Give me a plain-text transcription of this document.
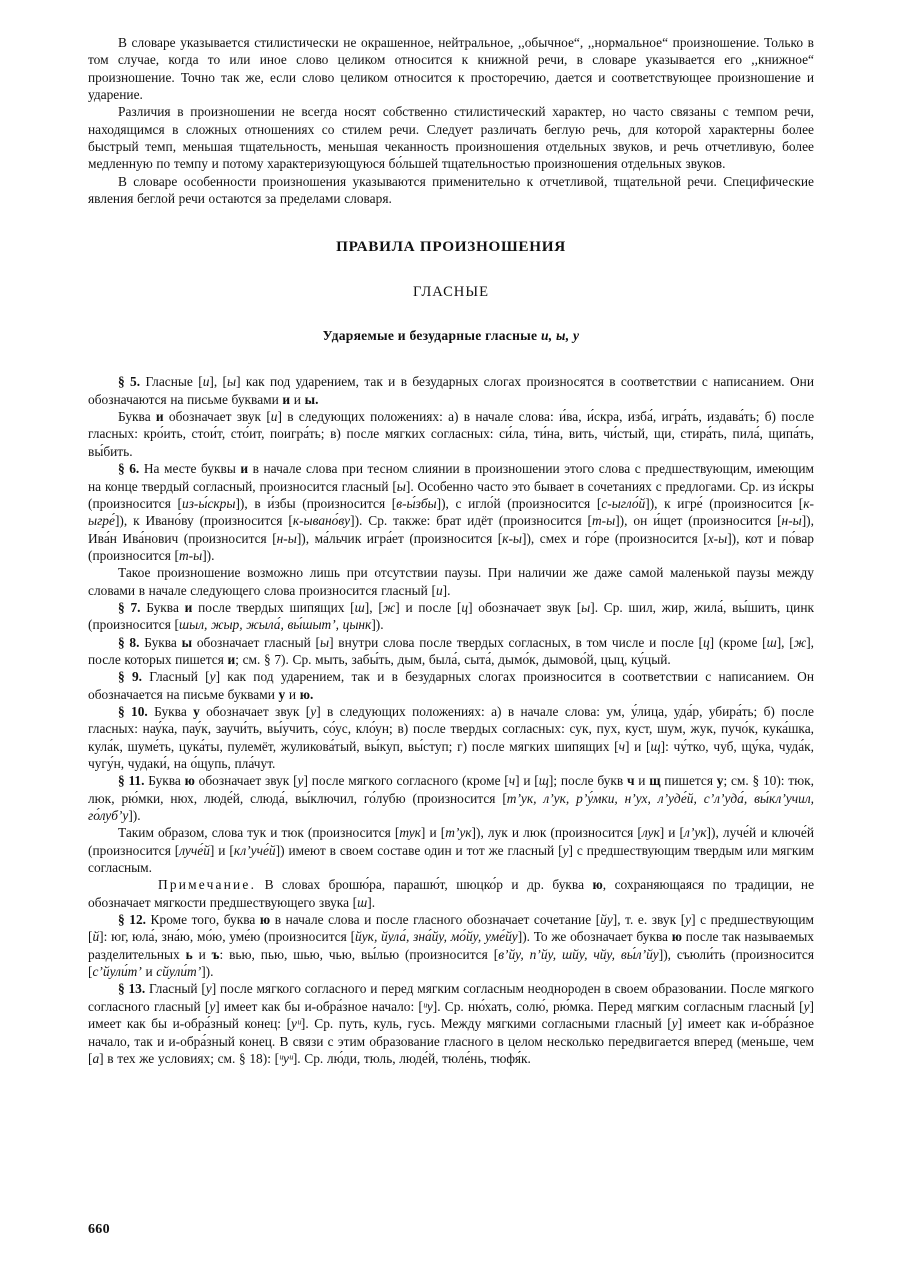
В словаре указывается стилистически не окрашенное, нейтральное, ,,обычное“, ,,нормальное“ произношение. Только в том случае, когда то или иное слово целиком относится к книжной речи, в словаре указывается его ,,книжное“ произношение. Точно так же, если слово целиком относится к просторечию, дается и соответствующее произношение и ударение.

Различия в произношении не всегда носят собственно стилистический характер, но часто связаны с темпом речи, находящимся в сложных отношениях со стилем речи. Следует различать беглую речь, для которой характерны более быстрый темп, меньшая тщательность, меньшая чеканность произношения отдельных звуков, и речь отчетливую, более медленную по темпу и потому характеризующуюся бо́льшей тщательностью произношения отдельных звуков.

В словаре особенности произношения указываются применительно к отчетливой, тщательной речи. Специфические явления беглой речи остаются за пределами словаря.

ПРАВИЛА ПРОИЗНОШЕНИЯ
ГЛАСНЫЕ
Ударяемые и безударные гласные и, ы, у

§ 5. Гласные [и], [ы] как под ударением, так и в безударных слогах произносятся в соответствии с написанием. Они обозначаются на письме буквами и и ы.

Буква и обозначает звук [и] в следующих положениях: а) в начале слова: и́ва, и́скра, изба́, игра́ть, издава́ть; б) после гласных: кро́ить, стои́т, сто́ит, поигра́ть; в) после мягких согласных: си́ла, ти́на, вить, чи́стый, щи, стира́ть, пила́, щипа́ть, вы́бить.

§ 6. На месте буквы и в начале слова при тесном слиянии в произношении этого слова с предшествующим, имеющим на конце твердый согласный, произносится гласный [ы]. Особенно часто это бывает в сочетаниях с предлогами. Ср. из и́скры (произносится [из-ы́скры]), в и́збы (произносится [в-ы́збы]), с игло́й (произносится [с-ыгло́й]), к игре́ (произносится [к-ыгре́]), к Ивано́ву (произносится [к-ывано́ву]). Ср. также: брат идёт (произносится [т-ы]), он и́щет (произносится [н-ы]), Ива́н Ива́нович (произносится [н-ы]), ма́льчик игра́ет (произносится [к-ы]), смех и го́ре (произносится [х-ы]), кот и по́вар (произносится [т-ы]).

Такое произношение возможно лишь при отсутствии паузы. При наличии же даже самой маленькой паузы между словами в начале следующего слова произносится гласный [и].

§ 7. Буква и после твердых шипящих [ш], [ж] и после [ц] обозначает звук [ы]. Ср. шил, жир, жила́, вы́шить, цинк (произносится [шыл, жыр, жыла́, вы́шытʼ, цынк]).

§ 8. Буква ы обозначает гласный [ы] внутри слова после твердых согласных, в том числе и после [ц] (кроме [ш], [ж], после которых пишется и; см. § 7). Ср. мыть, забы́ть, дым, была́, сыта́, дымо́к, дымово́й, цыц, ку́цый.

§ 9. Гласный [у] как под ударением, так и в безударных слогах произносится в соответствии с написанием. Он обозначается на письме буквами у и ю.

§ 10. Буква у обозначает звук [у] в следующих положениях: а) в начале слова: ум, у́лица, уда́р, убира́ть; б) после гласных: нау́ка, пау́к, заучи́ть, вы́учить, со́ус, кло́ун; в) после твердых согласных: сук, пух, куст, шум, жук, пучо́к, кука́шка, кула́к, шуме́ть, цука́ты, пулемёт, жуликова́тый, вы́куп, вы́ступ; г) после мягких шипящих [ч] и [щ]: чу́тко, чуб, щу́ка, чуда́к, чугу́н, чудаки́, на о́щупь, пла́чут.

§ 11. Буква ю обозначает звук [у] после мягкого согласного (кроме [ч] и [щ]; после букв ч и щ пишется у; см. § 10): тюк, люк, рю́мки, нюх, люде́й, слюда́, вы́ключил, го́лубю (произносится [тʼук, лʼук, рʼу́мки, нʼух, лʼуде́й, сʼлʼуда́, вы́клʼучил, го́лубʼу]).

Таким образом, слова тук и тюк (произносится [тук] и [тʼук]), лук и люк (произносится [лук] и [лʼук]), луче́й и ключе́й (произносится [луче́й] и [клʼуче́й]) имеют в своем составе один и тот же гласный [у] с предшествующим твердым или мягким согласным.

Примечание. В словах брошю́ра, парашю́т, шюцко́р и др. буква ю, сохраняющаяся по традиции, не обозначает мягкости предшествующего звука [ш].

§ 12. Кроме того, буква ю в начале слова и после гласного обозначает сочетание [йу], т. е. звук [у] с предшествующим [й]: юг, юла́, зна́ю, мо́ю, уме́ю (произносится [йук, йула́, зна́йу, мо́йу, уме́йу]). То же обозначает буква ю после так называемых разделительных ь и ъ: вью, пью, шью, чью, вы́лью (произносится [вʼйу, пʼйу, шйу, чйу, вы́лʼйу]), съюли́ть (произносится [сʼйули́тʼ и сйули́тʼ]).

§ 13. Гласный [у] после мягкого согласного и перед мягким согласным неоднороден в своем образовании. После мягкого согласного гласный [у] имеет как бы и-обра́зное начало: [ᵘу]. Ср. ню́хать, солю́, рю́мка. Перед мягким согласным гласный [у] имеет как бы и-обра́зный конец: [уᵘ]. Ср. путь, куль, гусь. Между мягкими согласными гласный [у] имеет как и-о́бра́зное начало, так и и-обра́зный конец. В связи с этим образование гласного в целом несколько передвигается вперед (меньше, чем [а] в тех же условиях; см. § 18): [ᵘуᵘ]. Ср. лю́ди, тюль, люде́й, тюле́нь, тюфя́к.

660
